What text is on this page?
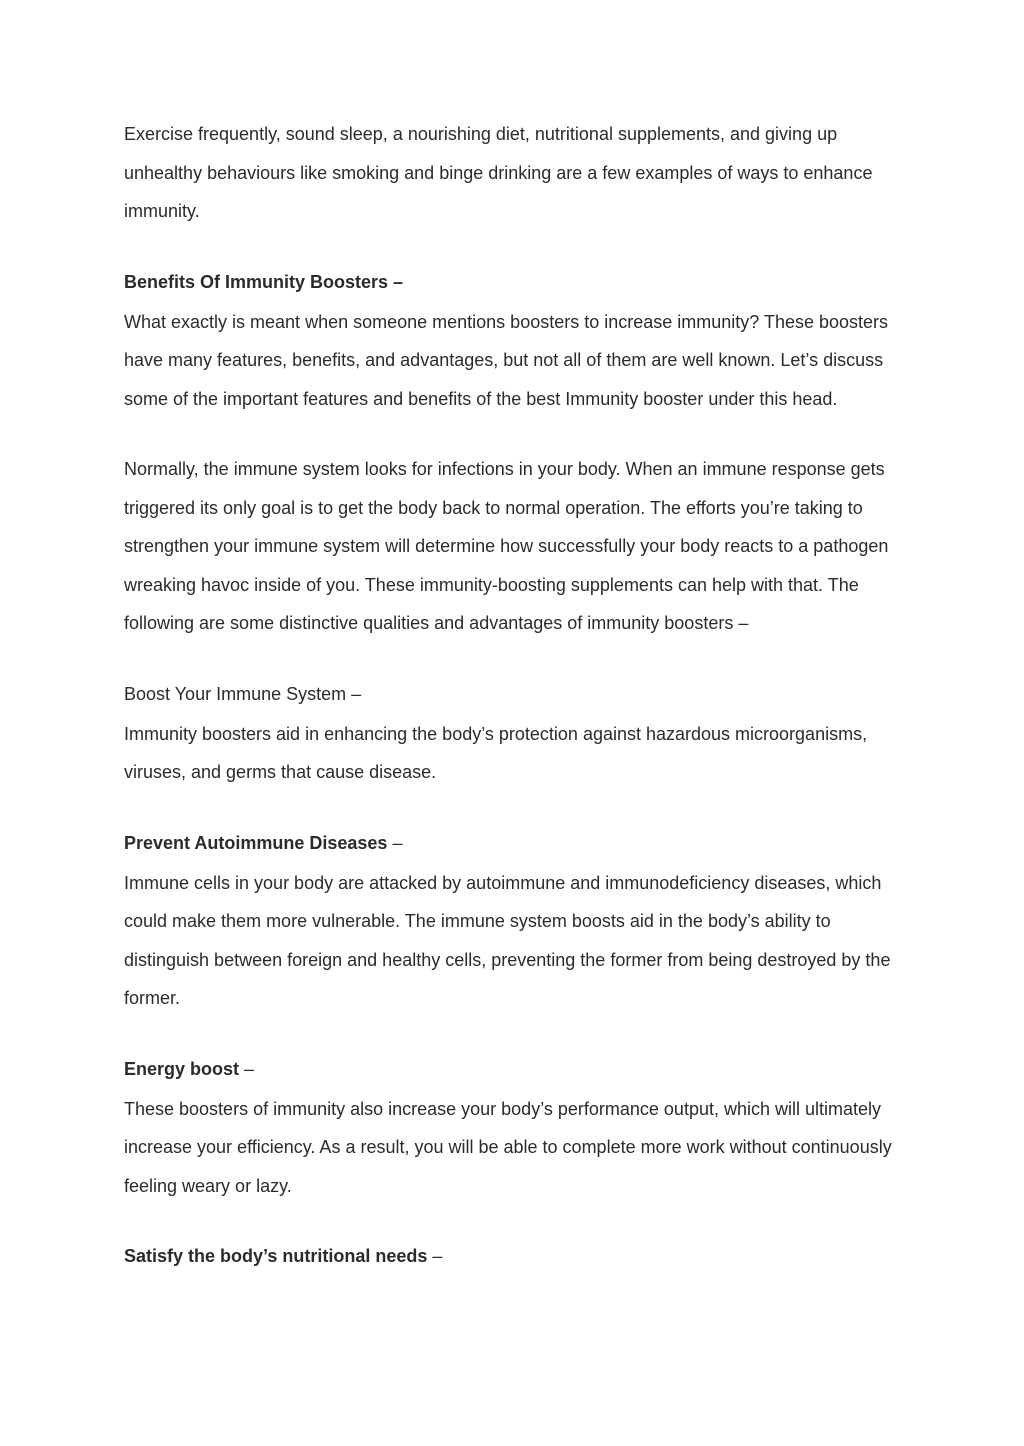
Exercise frequently, sound sleep, a nourishing diet, nutritional supplements, and giving up unhealthy behaviours like smoking and binge drinking are a few examples of ways to enhance immunity.

Benefits Of Immunity Boosters –

What exactly is meant when someone mentions boosters to increase immunity? These boosters have many features, benefits, and advantages, but not all of them are well known. Let’s discuss some of the important features and benefits of the best Immunity booster under this head.

Normally, the immune system looks for infections in your body. When an immune response gets triggered its only goal is to get the body back to normal operation. The efforts you’re taking to strengthen your immune system will determine how successfully your body reacts to a pathogen wreaking havoc inside of you. These immunity-boosting supplements can help with that. The following are some distinctive qualities and advantages of immunity boosters –

Boost Your Immune System –

Immunity boosters aid in enhancing the body’s protection against hazardous microorganisms, viruses, and germs that cause disease.

Prevent Autoimmune Diseases –

Immune cells in your body are attacked by autoimmune and immunodeficiency diseases, which could make them more vulnerable. The immune system boosts aid in the body’s ability to distinguish between foreign and healthy cells, preventing the former from being destroyed by the former.

Energy boost –

These boosters of immunity also increase your body’s performance output, which will ultimately increase your efficiency. As a result, you will be able to complete more work without continuously feeling weary or lazy.

Satisfy the body’s nutritional needs –
